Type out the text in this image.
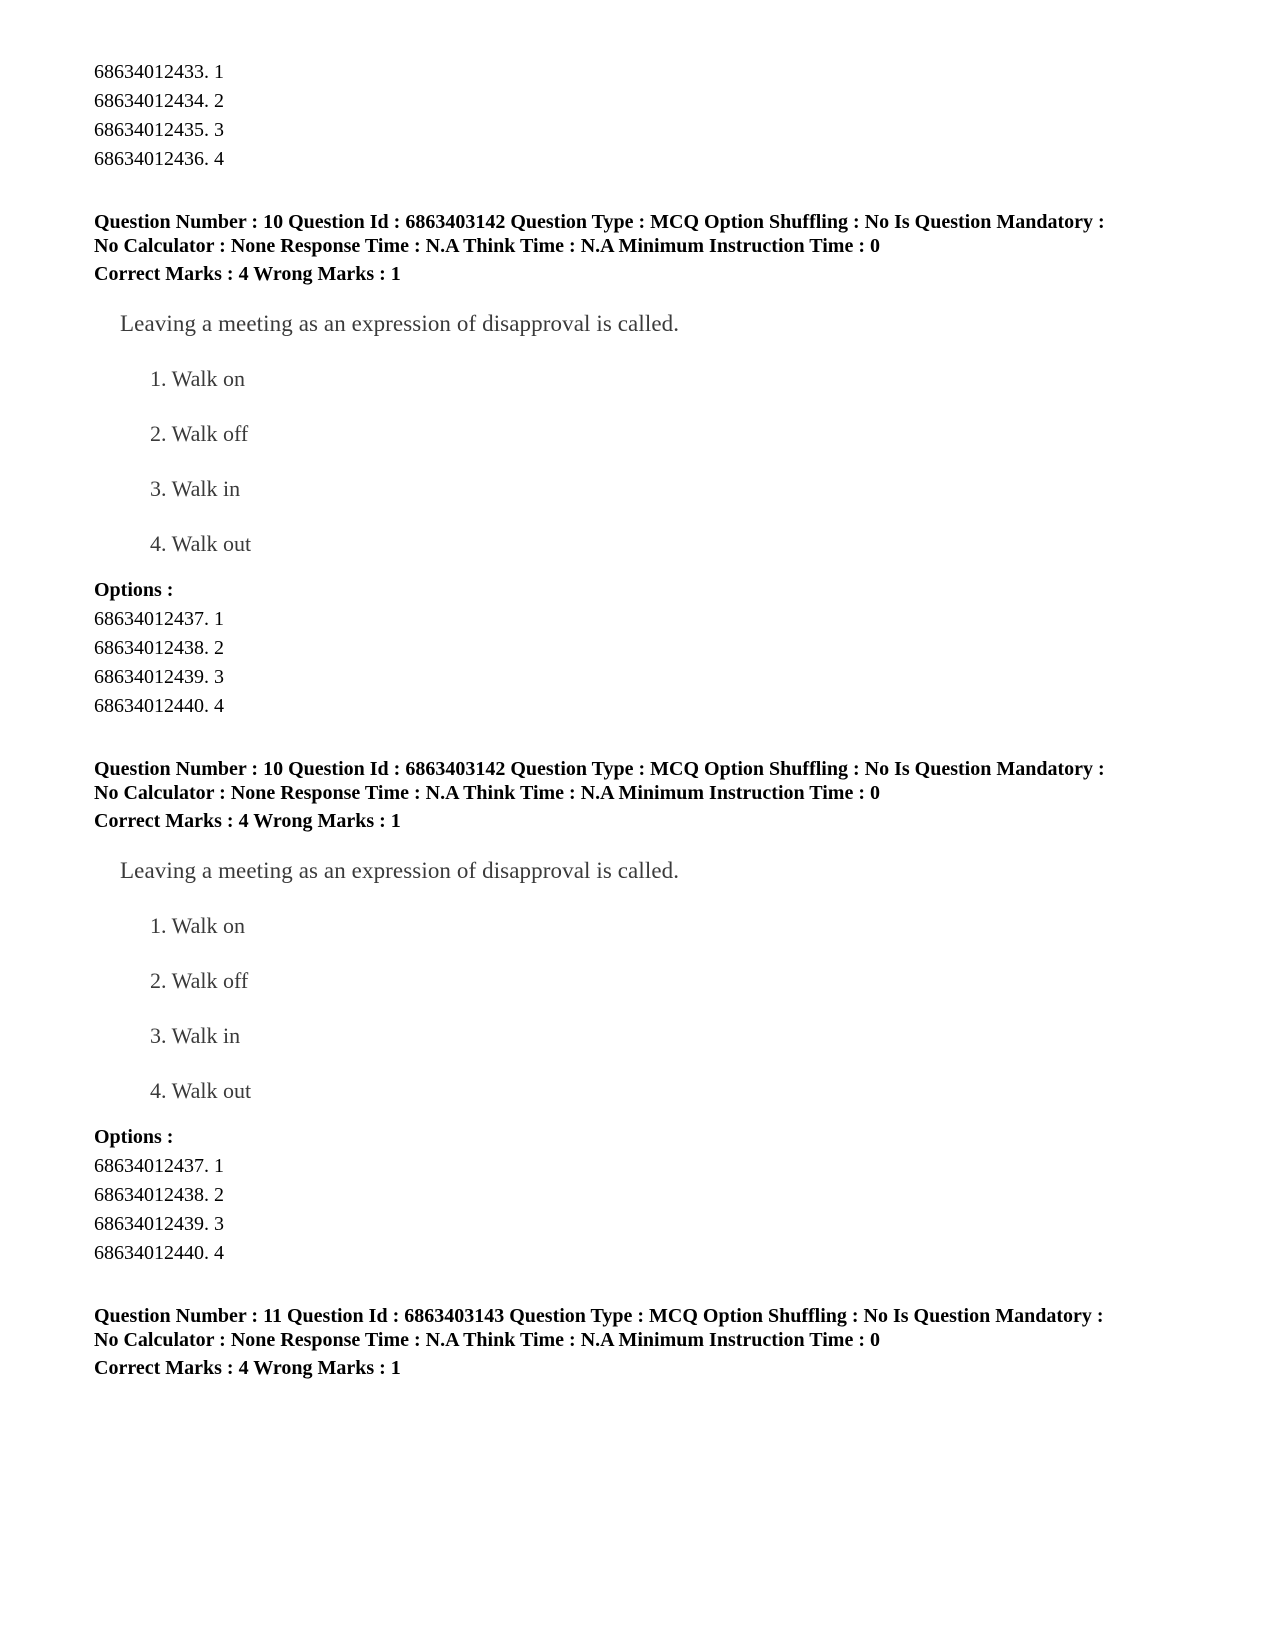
68634012433. 1
68634012434. 2
68634012435. 3
68634012436. 4
Question Number : 10 Question Id : 6863403142 Question Type : MCQ Option Shuffling : No Is Question Mandatory :
No Calculator : None Response Time : N.A Think Time : N.A Minimum Instruction Time : 0
Correct Marks : 4 Wrong Marks : 1
Leaving a meeting as an expression of disapproval is called.
1. Walk on
2. Walk off
3. Walk in
4. Walk out
Options :
68634012437. 1
68634012438. 2
68634012439. 3
68634012440. 4
Question Number : 10 Question Id : 6863403142 Question Type : MCQ Option Shuffling : No Is Question Mandatory :
No Calculator : None Response Time : N.A Think Time : N.A Minimum Instruction Time : 0
Correct Marks : 4 Wrong Marks : 1
Leaving a meeting as an expression of disapproval is called.
1. Walk on
2. Walk off
3. Walk in
4. Walk out
Options :
68634012437. 1
68634012438. 2
68634012439. 3
68634012440. 4
Question Number : 11 Question Id : 6863403143 Question Type : MCQ Option Shuffling : No Is Question Mandatory :
No Calculator : None Response Time : N.A Think Time : N.A Minimum Instruction Time : 0
Correct Marks : 4 Wrong Marks : 1
